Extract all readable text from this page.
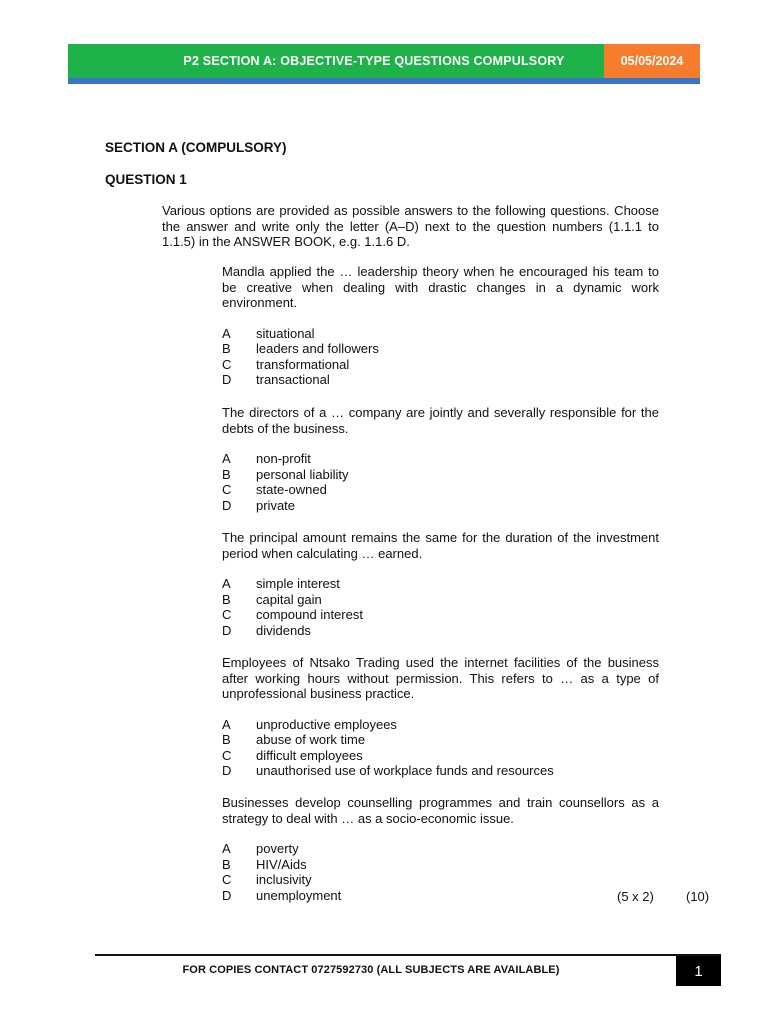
P2 SECTION A: OBJECTIVE-TYPE QUESTIONS COMPULSORY	05/05/2024
SECTION A (COMPULSORY)
QUESTION 1
Various options are provided as possible answers to the following questions. Choose the answer and write only the letter (A–D) next to the question numbers (1.1.1 to 1.1.5) in the ANSWER BOOK, e.g. 1.1.6 D.

Mandla applied the … leadership theory when he encouraged his team to be creative when dealing with drastic changes in a dynamic work environment.

A	situational
B	leaders and followers
C	transformational
D	transactional

The directors of a … company are jointly and severally responsible for the debts of the business.

A	non-profit
B	personal liability
C	state-owned
D	private

The principal amount remains the same for the duration of the investment period when calculating … earned.

A	simple interest
B	capital gain
C	compound interest
D	dividends

Employees of Ntsako Trading used the internet facilities of the business after working hours without permission. This refers to … as a type of unprofessional business practice.

A	unproductive employees
B	abuse of work time
C	difficult employees
D	unauthorised use of workplace funds and resources

Businesses develop counselling programmes and train counsellors as a strategy to deal with … as a socio-economic issue.

A	poverty
B	HIV/Aids
C	inclusivity
D	unemployment	(5 x 2) (10)
FOR COPIES CONTACT 0727592730 (ALL SUBJECTS ARE AVAILABLE)	1
